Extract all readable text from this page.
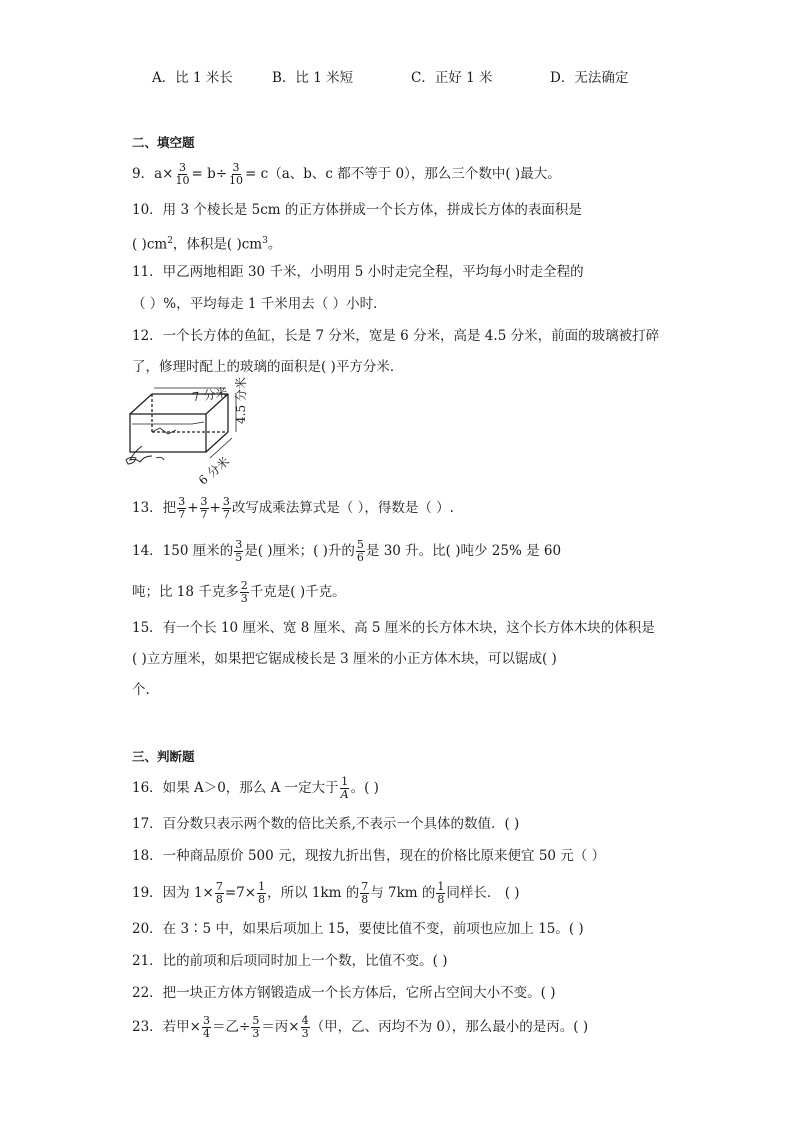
A．比 1 米长	B．比 1 米短	C．正好 1 米	D．无法确定
二、填空题
9．$a\times \frac{3}{10} = b\div \frac{3}{10} = c(a$、b、c 都不等于 0），那么三个数中( )最大。
10．用 3 个棱长是 5cm 的正方体拼成一个长方体，拼成长方体的表面积是
( )$cm^2$，体积是( )$cm^3$。
11．甲乙两地相距 30 千米，小明用 5 小时走完全程，平均每小时走全程的
（ ）%，平均每走 1 千米用去（ ）小时．
12．一个长方体的鱼缸，长是 7 分米，宽是 6 分米，高是 4.5 分米，前面的玻璃被打碎
了，修理时配上的玻璃的面积是( )平方分米．
7 分米 4.5 分米
6 分米
13．把 $\frac{3}{7} + \frac{3}{7} + \frac{3}{7}$ 改写成乘法算式是（ ），得数是（ ）.
14．150 厘米的 $\frac{3}{5}$ 是( )厘米；( )升的 $\frac{5}{6}$ 是 30 升。比( )吨少 25% 是 60
吨；比 18 千克多 $\frac{2}{3}$ 千克是( )千克。
15．有一个长 10 厘米、宽 8 厘米、高 5 厘米的长方体木块，这个长方体木块的体积是
( )立方厘米，如果把它锯成棱长是 3 厘米的小正方体木块，可以锯成( )
个.
三、判断题
16．如果 A＞0，那么 A 一定大于 $\frac{1}{A}$ 。( )
17．百分数只表示两个数的倍比关系,不表示一个具体的数值．( )
18．一种商品原价 500 元，现按九折出售，现在的价格比原来便宜 50 元（ ）
19．因为 $1\times \frac{7}{8} =7\times \frac{1}{8}$ ，所以 1km 的 $\frac{7}{8}$ 与 7km 的 $\frac{1}{8}$ 同样长． ( )
20．在 3∶5 中，如果后项加上 15，要使比值不变，前项也应加上 15。( )
21．比的前项和后项同时加上一个数，比值不变。( )
22．把一块正方体方钢锻造成一个长方体后，它所占空间大小不变。( )
23．若甲× $\frac{3}{4}$ ＝乙÷ $\frac{5}{3}$ ＝丙× $\frac{4}{3}$ （甲，乙、丙均不为 0），那么最小的是丙。( )
